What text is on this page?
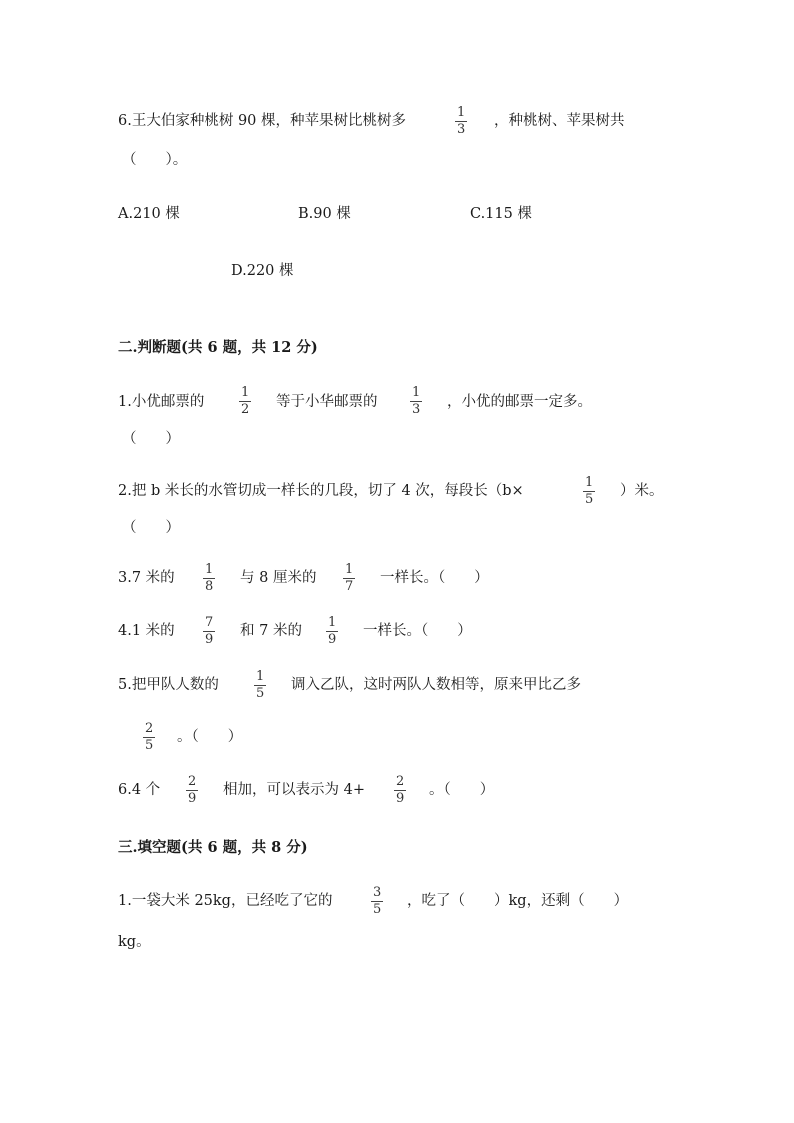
6.王大伯家种桃树 90 棵，种苹果树比桃树多
1
3
，种桃树、苹果树共
（　　）。
A.210 棵	B.90 棵	C.115 棵
D.220 棵
二.判断题(共 6 题，共 12 分)
1.小优邮票的
1
2 等于小华邮票的
1
3 ，小优的邮票一定多。
（　　）
2.把 b 米长的水管切成一样长的几段，切了 4 次，每段长（b×
1
5
）米。
（　　）
3.7 米的
1
8
与 8 厘米的
1
7
一样长。（　　）
4.1 米的
7
9
和 7 米的
1
9
一样长。（　　）
5.把甲队人数的
1
5
调入乙队，这时两队人数相等，原来甲比乙多
2
5
。（　　）
6.4 个
2
9
相加，可以表示为 4+
2
9
。（　　）
三.填空题(共 6 题，共 8 分)
1.一袋大米 25kg，已经吃了它的
3
5
，吃了（　　）kg，还剩（　　）
kg。
